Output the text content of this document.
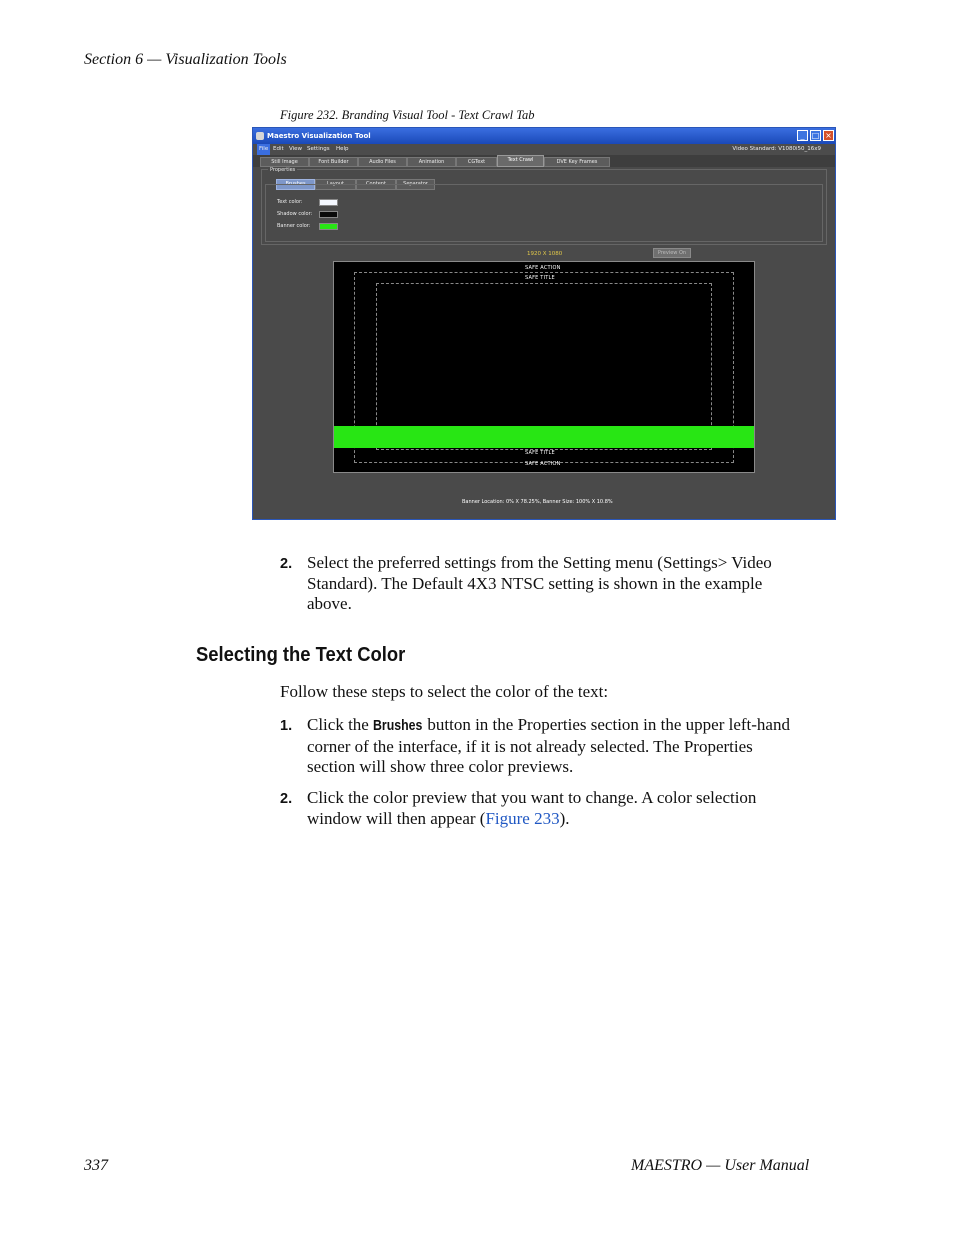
Section 6 — Visualization Tools
Figure 232. Branding Visual Tool - Text Crawl Tab
Maestro Visualization Tool	_ □ ×
File Edit View Settings Help	Video Standard: V1080i50_16x9
Still Image	Font Builder	Audio Files	Animation	CGText	Text Crawl	DVE Key Frames
Properties
Brushes	Layout	Content	Separator
Text color:
Shadow color:
Banner color:
1920 X 1080	Preview On
SAFE ACTION
SAFE TITLE
SAFE TITLE
SAFE ACTION
Banner Location: 0% X 78.25%, Banner Size: 100% X 10.8%
2. Select the preferred settings from the Setting menu (Settings> Video
Standard). The Default 4X3 NTSC setting is shown in the example
above.
Selecting the Text Color
Follow these steps to select the color of the text:
1. Click the Brushes button in the Properties section in the upper left-hand
corner of the interface, if it is not already selected. The Properties
section will show three color previews.
2. Click the color preview that you want to change. A color selection
window will then appear (Figure 233).
337	MAESTRO — User Manual
